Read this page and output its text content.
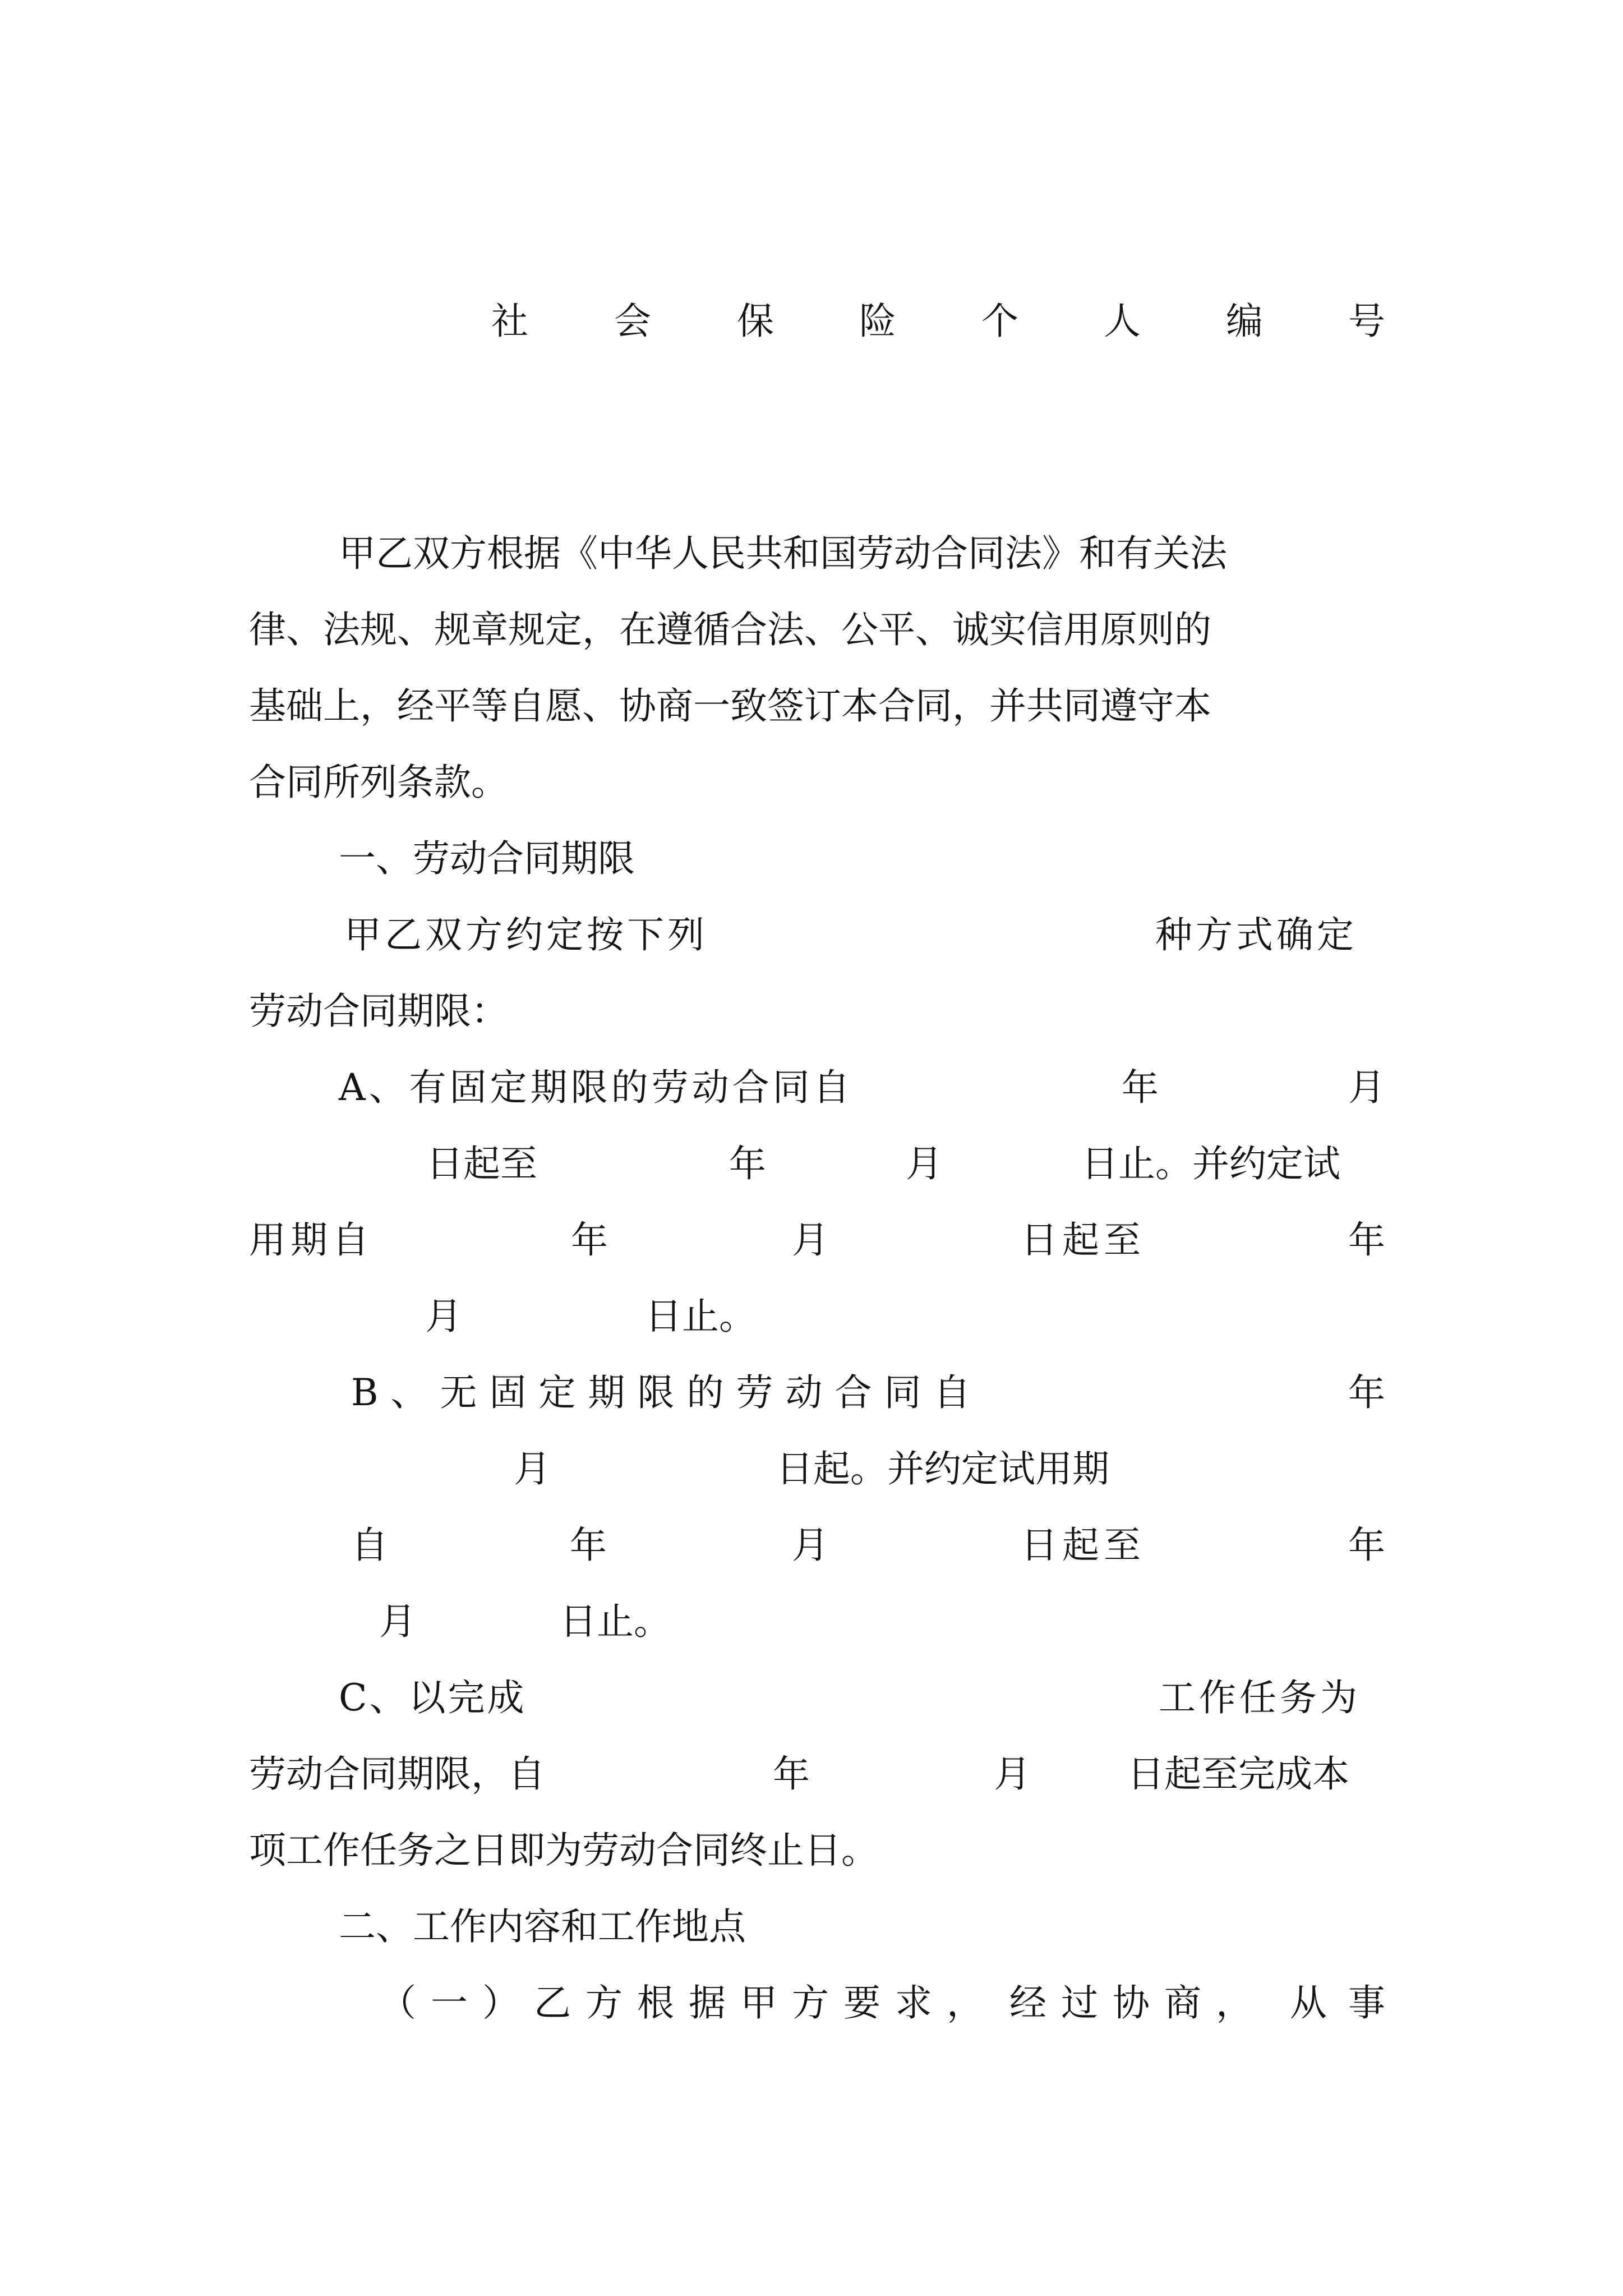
社 会 保 险 个 人 编 号
甲乙双方根据《中华人民共和国劳动合同法》和有关法
律、法规、规章规定，在遵循合法、公平、诚实信用原则的
基础上，经平等自愿、协商一致签订本合同，并共同遵守本
合同所列条款。
一、劳动合同期限
甲乙双方约定按下列	种方式确定
劳动合同期限：
A、有固定期限的劳动合同自	年	月
日起至	年	月	日止。并约定试
用期自	年	月	日起至	年
月	日止。
B、无固定期限的劳动合同自	年
月	日起。并约定试用期
自	年	月	日起至	年
月	日止。
C、以完成	工作任务为
劳动合同期限，自	年	月	日起至完成本
项工作任务之日即为劳动合同终止日。
二、工作内容和工作地点
（ 一 ） 乙 方 根 据 甲 方 要 求 ， 经 过 协 商 ， 从 事
